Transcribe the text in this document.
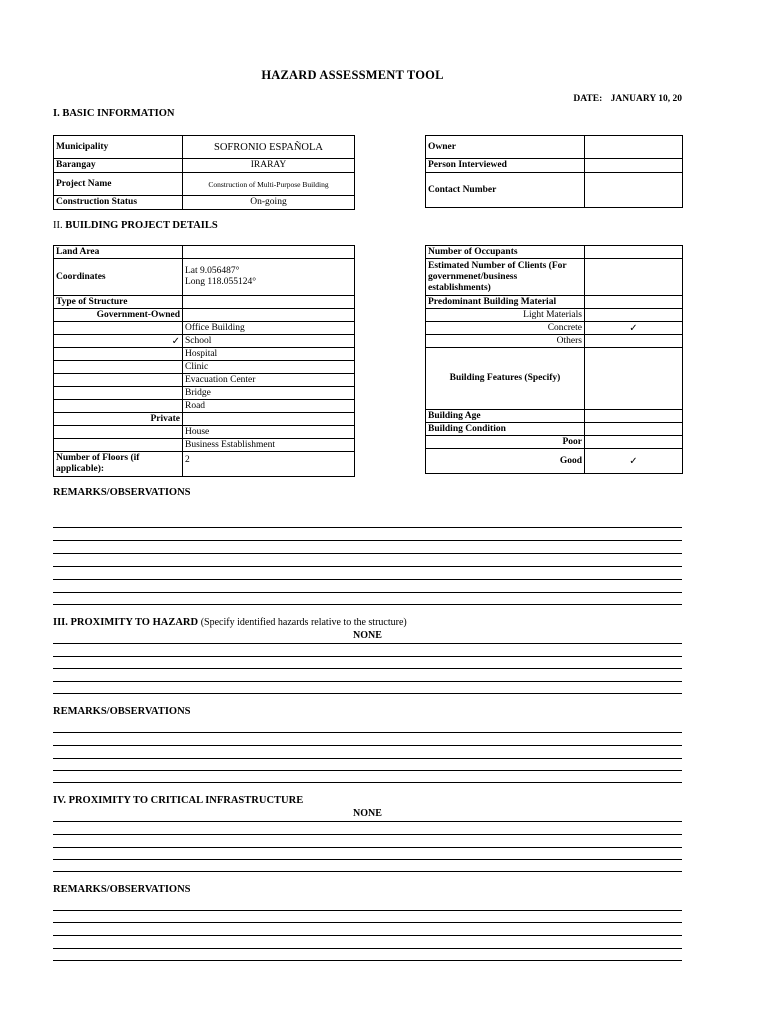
HAZARD ASSESSMENT TOOL
DATE: JANUARY 10, 20
I. BASIC INFORMATION
Municipality	SOFRONIO ESPAÑOLA
Barangay	IRARAY
Project Name	Construction of Multi-Purpose Building
Construction Status	On-going
Owner	
Person Interviewed	
Contact Number	
II. BUILDING PROJECT DETAILS
Land Area	
Coordinates	Lat 9.056487°
Long 118.055124°

Type of Structure	
Government-Owned	
	Office Building
✓	School
	Hospital
	Clinic
	Evacuation Center
	Bridge
	Road
Private	
	House
	Business Establishment
Number of Floors (if applicable):	2
Number of Occupants	
Estimated Number of Clients (For governmenet/business establishments)	
Predominant Building Material	
Light Materials	
Concrete	✓
Others	
Building Features (Specify)	
Building Age	
Building Condition	
Poor	
Good	✓
REMARKS/OBSERVATIONS
III. PROXIMITY TO HAZARD (Specify identified hazards relative to the structure)
NONE
REMARKS/OBSERVATIONS
IV. PROXIMITY TO CRITICAL INFRASTRUCTURE
NONE
REMARKS/OBSERVATIONS
